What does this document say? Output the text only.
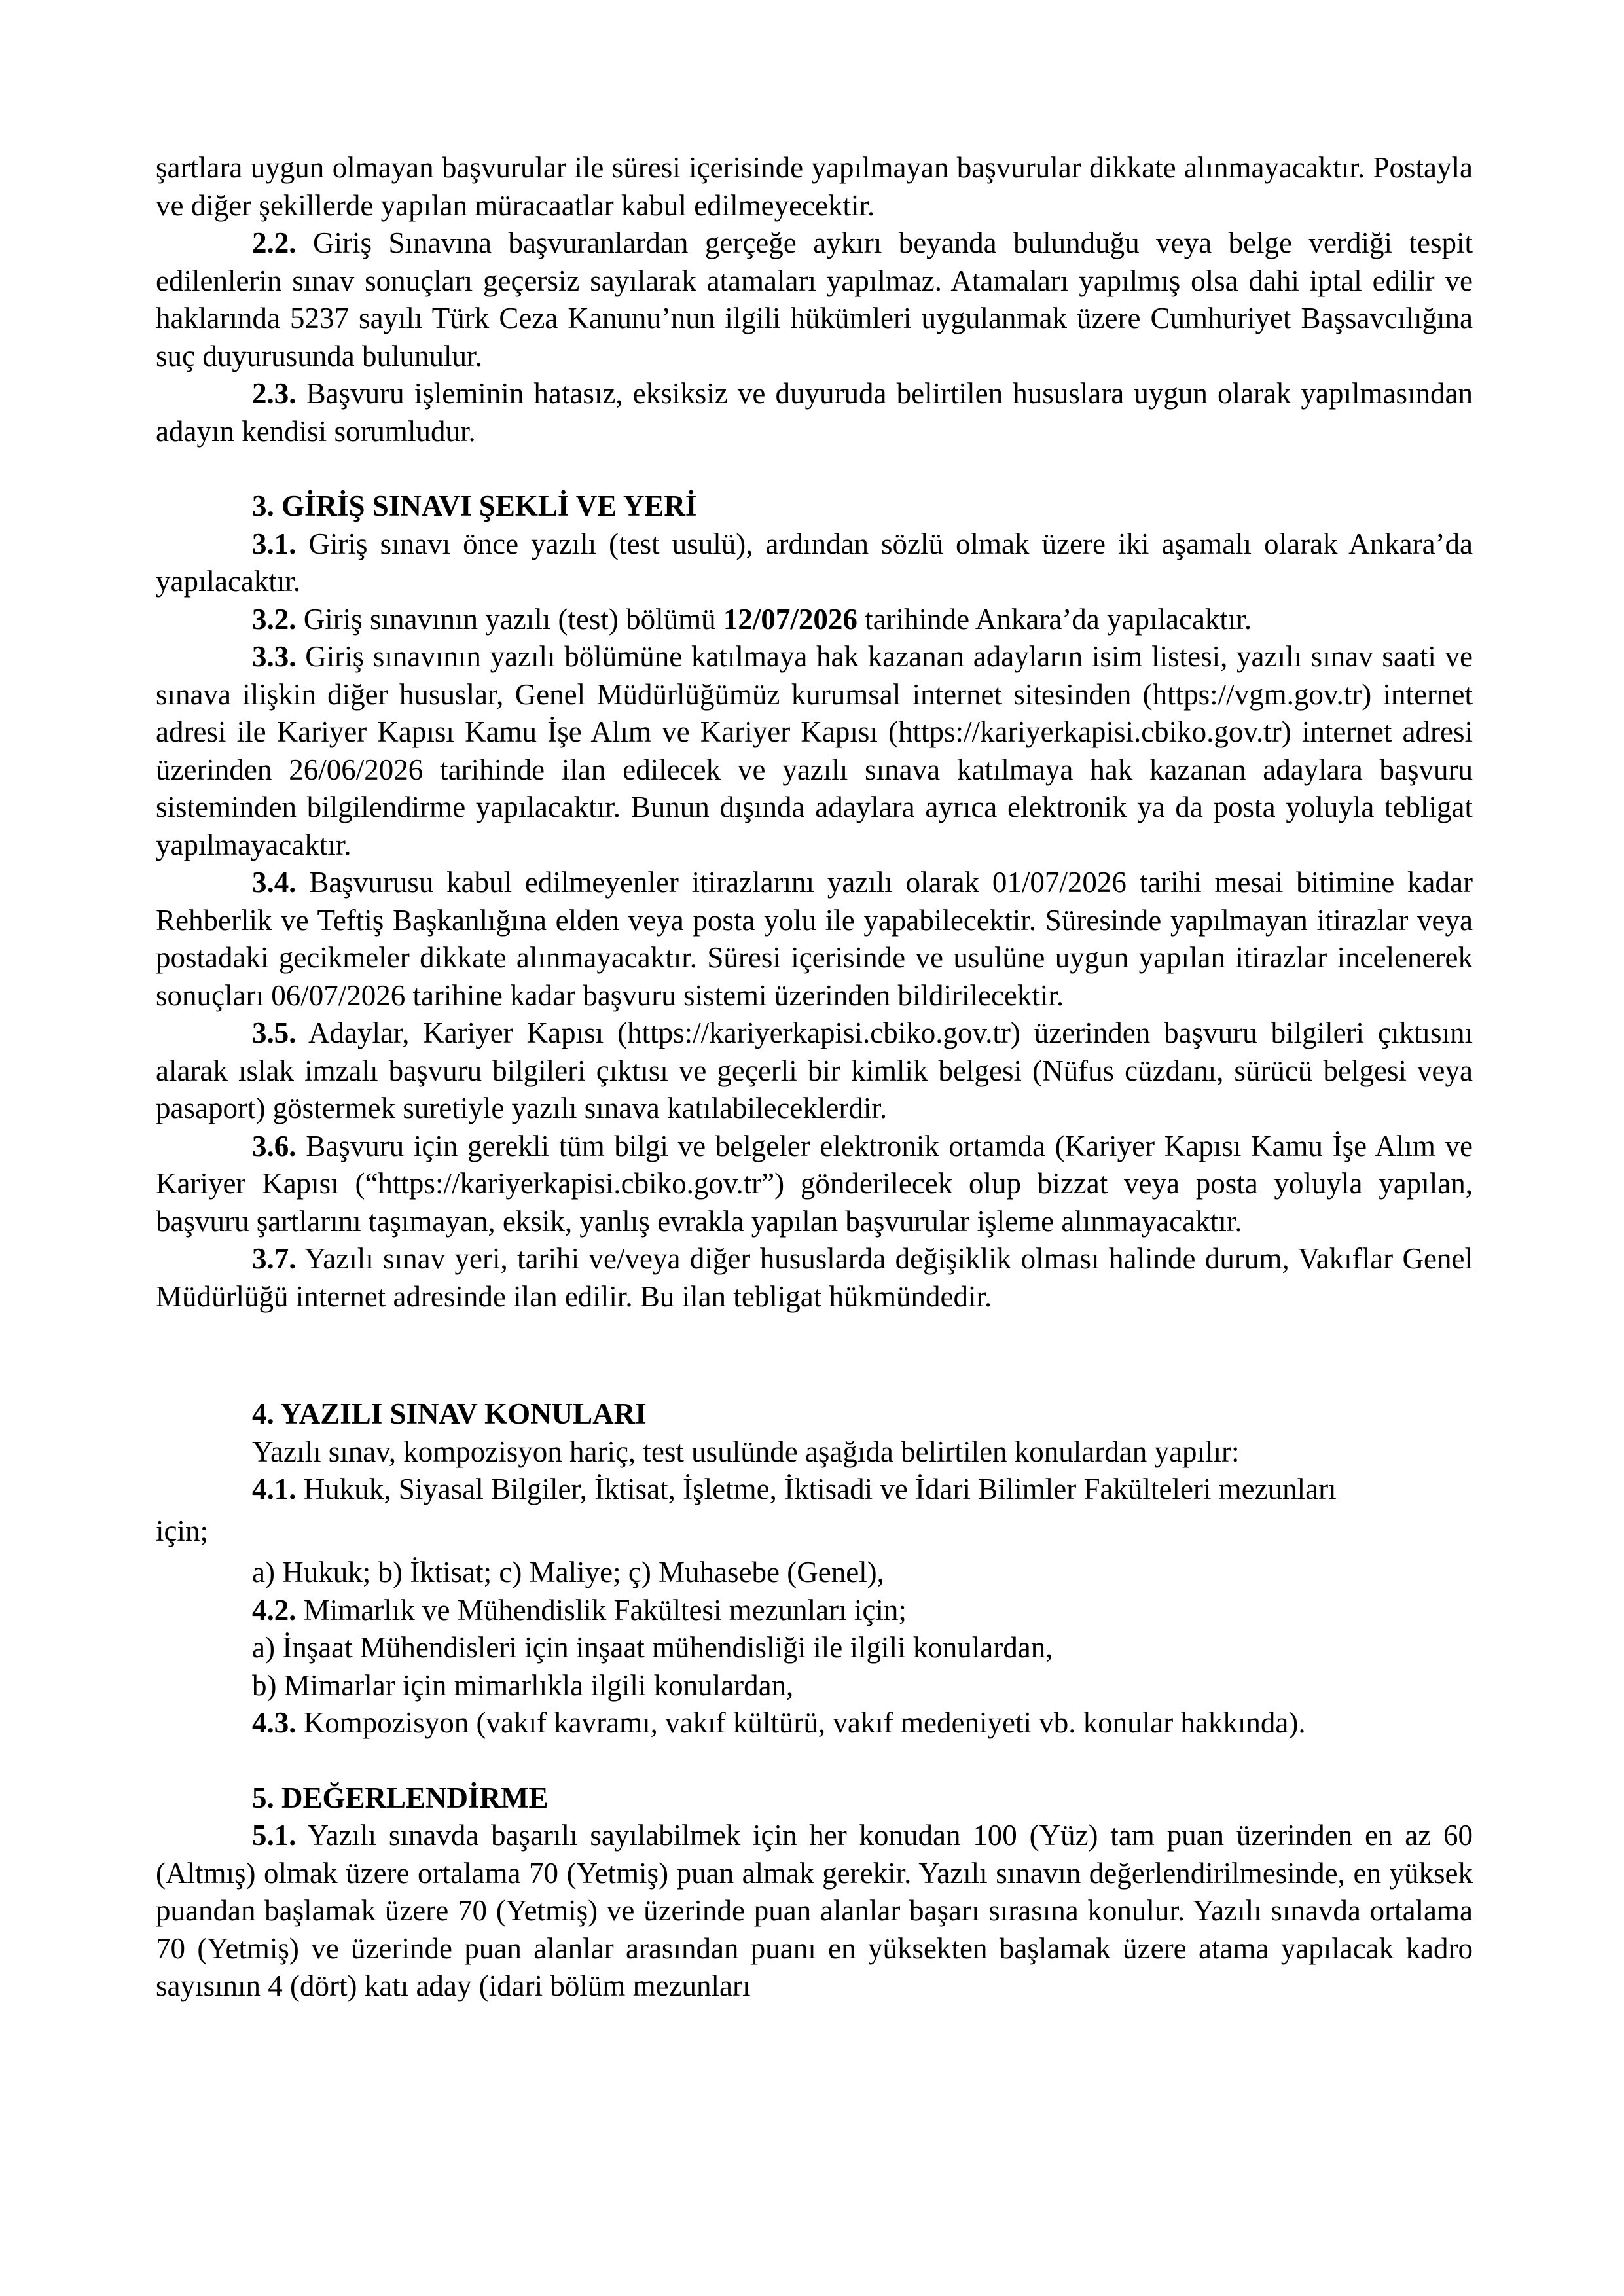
şartlara uygun olmayan başvurular ile süresi içerisinde yapılmayan başvurular dikkate alınmayacaktır. Postayla ve diğer şekillerde yapılan müracaatlar kabul edilmeyecektir.

2.2. Giriş Sınavına başvuranlardan gerçeğe aykırı beyanda bulunduğu veya belge verdiği tespit edilenlerin sınav sonuçları geçersiz sayılarak atamaları yapılmaz. Atamaları yapılmış olsa dahi iptal edilir ve haklarında 5237 sayılı Türk Ceza Kanunu’nun ilgili hükümleri uygulanmak üzere Cumhuriyet Başsavcılığına suç duyurusunda bulunulur.

2.3. Başvuru işleminin hatasız, eksiksiz ve duyuruda belirtilen hususlara uygun olarak yapılmasından adayın kendisi sorumludur.

3. GİRİŞ SINAVI ŞEKLİ VE YERİ

3.1. Giriş sınavı önce yazılı (test usulü), ardından sözlü olmak üzere iki aşamalı olarak Ankara’da yapılacaktır.

3.2. Giriş sınavının yazılı (test) bölümü 12/07/2026 tarihinde Ankara’da yapılacaktır.

3.3. Giriş sınavının yazılı bölümüne katılmaya hak kazanan adayların isim listesi, yazılı sınav saati ve sınava ilişkin diğer hususlar, Genel Müdürlüğümüz kurumsal internet sitesinden (https://vgm.gov.tr) internet adresi ile Kariyer Kapısı Kamu İşe Alım ve Kariyer Kapısı (https://kariyerkapisi.cbiko.gov.tr) internet adresi üzerinden 26/06/2026 tarihinde ilan edilecek ve yazılı sınava katılmaya hak kazanan adaylara başvuru sisteminden bilgilendirme yapılacaktır. Bunun dışında adaylara ayrıca elektronik ya da posta yoluyla tebligat yapılmayacaktır.

3.4. Başvurusu kabul edilmeyenler itirazlarını yazılı olarak 01/07/2026 tarihi mesai bitimine kadar Rehberlik ve Teftiş Başkanlığına elden veya posta yolu ile yapabilecektir. Süresinde yapılmayan itirazlar veya postadaki gecikmeler dikkate alınmayacaktır. Süresi içerisinde ve usulüne uygun yapılan itirazlar incelenerek sonuçları 06/07/2026 tarihine kadar başvuru sistemi üzerinden bildirilecektir.

3.5. Adaylar, Kariyer Kapısı (https://kariyerkapisi.cbiko.gov.tr) üzerinden başvuru bilgileri çıktısını alarak ıslak imzalı başvuru bilgileri çıktısı ve geçerli bir kimlik belgesi (Nüfus cüzdanı, sürücü belgesi veya pasaport) göstermek suretiyle yazılı sınava katılabileceklerdir.

3.6. Başvuru için gerekli tüm bilgi ve belgeler elektronik ortamda (Kariyer Kapısı Kamu İşe Alım ve Kariyer Kapısı (“https://kariyerkapisi.cbiko.gov.tr”) gönderilecek olup bizzat veya posta yoluyla yapılan, başvuru şartlarını taşımayan, eksik, yanlış evrakla yapılan başvurular işleme alınmayacaktır.

3.7. Yazılı sınav yeri, tarihi ve/veya diğer hususlarda değişiklik olması halinde durum, Vakıflar Genel Müdürlüğü internet adresinde ilan edilir. Bu ilan tebligat hükmündedir.

4. YAZILI SINAV KONULARI

Yazılı sınav, kompozisyon hariç, test usulünde aşağıda belirtilen konulardan yapılır:

4.1. Hukuk, Siyasal Bilgiler, İktisat, İşletme, İktisadi ve İdari Bilimler Fakülteleri mezunları

için;

a) Hukuk; b) İktisat; c) Maliye; ç) Muhasebe (Genel),

4.2. Mimarlık ve Mühendislik Fakültesi mezunları için;

a) İnşaat Mühendisleri için inşaat mühendisliği ile ilgili konulardan,

b) Mimarlar için mimarlıkla ilgili konulardan,

4.3. Kompozisyon (vakıf kavramı, vakıf kültürü, vakıf medeniyeti vb. konular hakkında).

5. DEĞERLENDİRME

5.1. Yazılı sınavda başarılı sayılabilmek için her konudan 100 (Yüz) tam puan üzerinden en az 60 (Altmış) olmak üzere ortalama 70 (Yetmiş) puan almak gerekir. Yazılı sınavın değerlendirilmesinde, en yüksek puandan başlamak üzere 70 (Yetmiş) ve üzerinde puan alanlar başarı sırasına konulur. Yazılı sınavda ortalama 70 (Yetmiş) ve üzerinde puan alanlar arasından puanı en yüksekten başlamak üzere atama yapılacak kadro sayısının 4 (dört) katı aday (idari bölüm mezunları
